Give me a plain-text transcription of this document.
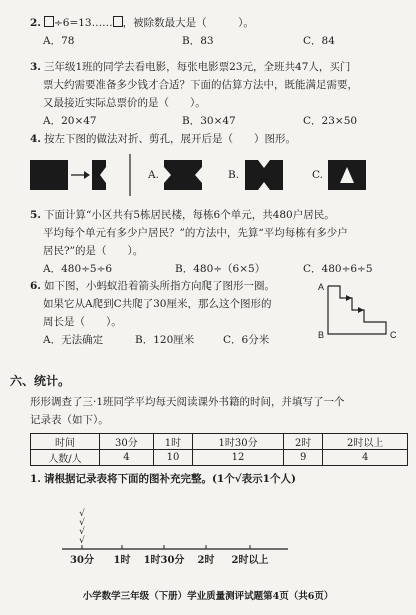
2. ÷6=13…… ，被除数最大是（　　　）。

A．78	B．83	C．84

3. 三年级1班的同学去看电影，每张电影票23元，全班共47人，买门

票大约需要准备多少钱才合适？下面的估算方法中，既能满足需要，

又最接近实际总票价的是（　　）。

A．20×47	B．30×47	C．23×50

4. 按左下图的做法对折、剪孔，展开后是（　　）图形。

A.	B.	C.

5. 下面计算“小区共有5栋居民楼，每栋6个单元，共480户居民。

平均每个单元有多少户居民？”的方法中，先算“平均每栋有多少户

居民?”的是（　　）。

A．480÷5÷6	B．480÷（6×5）	C．480÷6÷5

6. 如下图，小蚂蚁沿着箭头所指方向爬了图形一圈。

如果它从A爬到C共爬了30厘米，那么这个图形的

周长是（　　）。

A．无法确定	B．120厘米	C．6分米
A
B	C
六、统计。

形形调查了三·1班同学平均每天阅读课外书籍的时间，并填写了一个

记录表（如下）。

时间	30分	1时	1时30分	2时	2时以上
人数/人	4	10	12	9	4

1. 请根据记录表将下面的图补充完整。(1个√表示1个人)

√
√
√
√
30分 1时 1时30分 2时 2时以上
小学数学三年级（下册）学业质量测评试题第4页（共6页）
